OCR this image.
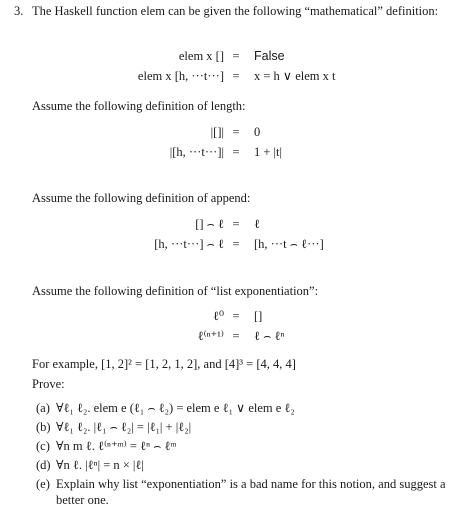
3. The Haskell function elem can be given the following “mathematical” definition:
elem x [] =	False
elem x [h, ···t···] =	x = h ∨ elem x t
Assume the following definition of length:
|[]| =	0
|[h, ···t···]| =	1 + |t|
Assume the following definition of append:
[] ⌢ ℓ =	ℓ
[h, ···t···] ⌢ ℓ =	[h, ···t ⌢ ℓ···]
Assume the following definition of “list exponentiation”:
ℓ⁰ =	[]
ℓ⁽ⁿ⁺¹⁾ =	ℓ ⌢ ℓⁿ
For example, [1, 2]² = [1, 2, 1, 2], and [4]³ = [4, 4, 4]
Prove:
(a) ∀ℓ₁ ℓ₂. elem e (ℓ₁ ⌢ ℓ₂) = elem e ℓ₁ ∨ elem e ℓ₂
(b) ∀ℓ₁ ℓ₂. |ℓ₁ ⌢ ℓ₂| = |ℓ₁| + |ℓ₂|
(c) ∀n m ℓ. ℓ⁽ⁿ⁺ᵐ⁾ = ℓⁿ ⌢ ℓᵐ
(d) ∀n ℓ. |ℓⁿ| = n × |ℓ|
(e) Explain why list “exponentiation” is a bad name for this notion, and suggest a better one.
